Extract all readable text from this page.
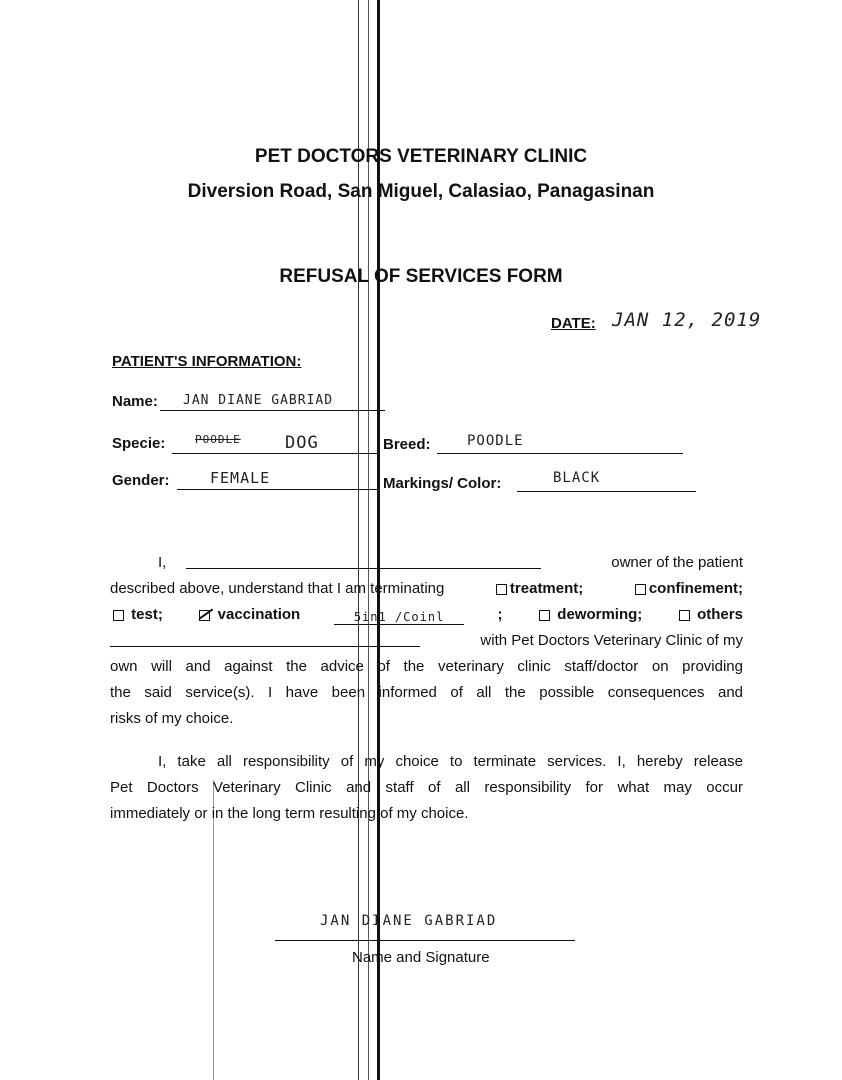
PET DOCTORS VETERINARY CLINIC
Diversion Road, San Miguel, Calasiao, Panagasinan
REFUSAL OF SERVICES FORM
DATE: JAN 12, 2019
PATIENT'S INFORMATION:
Name: JAN DIANE GABRIAD
Specie:	POODLE	DOG	Breed:	POODLE
Gender:	FEMALE	Markings/ Color:	BLACK
I,	owner of the patient
described above, understand that I am terminating	treatment;	confinement;
test;	vaccination	5in1 /Coinl	;	deworming;	others
with Pet Doctors Veterinary Clinic of my
own will and against the advice of the veterinary clinic staff/doctor on providing
the said service(s). I have been informed of all the possible consequences and
risks of my choice.
I, take all responsibility of my choice to terminate services. I, hereby release
Pet Doctors Veterinary Clinic and staff of all responsibility for what may occur
immediately or in the long term resulting of my choice.
JAN DIANE GABRIAD
Name and Signature
